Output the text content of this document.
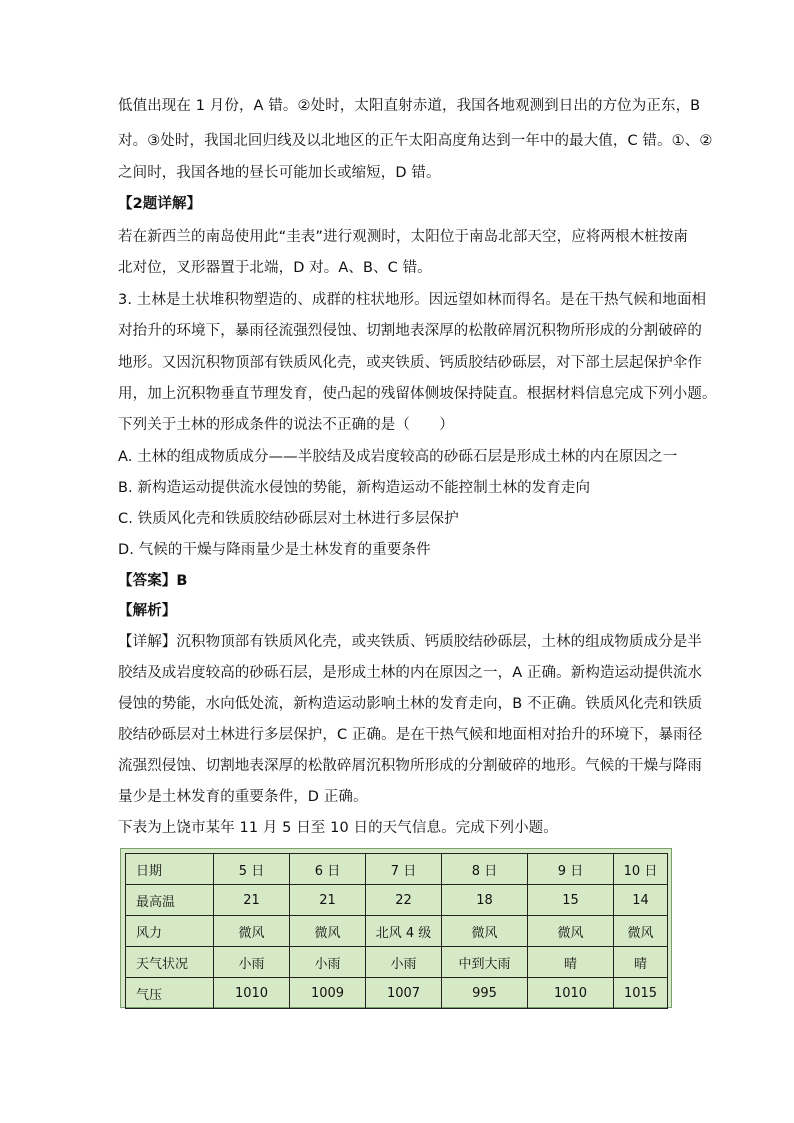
低值出现在 1 月份，A 错。②处时，太阳直射赤道，我国各地观测到日出的方位为正东，B
对。③处时，我国北回归线及以北地区的正午太阳高度角达到一年中的最大值，C 错。①、②
之间时，我国各地的昼长可能加长或缩短，D 错。
【2题详解】
若在新西兰的南岛使用此“圭表”进行观测时，太阳位于南岛北部天空，应将两根木桩按南
北对位，叉形器置于北端，D 对。A、B、C 错。
3. 土林是土状堆积物塑造的、成群的柱状地形。因远望如林而得名。是在干热气候和地面相
对抬升的环境下，暴雨径流强烈侵蚀、切割地表深厚的松散碎屑沉积物所形成的分割破碎的
地形。又因沉积物顶部有铁质风化壳，或夹铁质、钙质胶结砂砾层，对下部土层起保护伞作
用，加上沉积物垂直节理发育，使凸起的残留体侧坡保持陡直。根据材料信息完成下列小题。
下列关于土林的形成条件的说法不正确的是（　　）
A. 土林的组成物质成分——半胶结及成岩度较高的砂砾石层是形成土林的内在原因之一
B. 新构造运动提供流水侵蚀的势能，新构造运动不能控制土林的发育走向
C. 铁质风化壳和铁质胶结砂砾层对土林进行多层保护
D. 气候的干燥与降雨量少是土林发育的重要条件
【答案】B
【解析】
【详解】沉积物顶部有铁质风化壳，或夹铁质、钙质胶结砂砾层，土林的组成物质成分是半
胶结及成岩度较高的砂砾石层，是形成土林的内在原因之一，A 正确。新构造运动提供流水
侵蚀的势能，水向低处流，新构造运动影响土林的发育走向，B 不正确。铁质风化壳和铁质
胶结砂砾层对土林进行多层保护，C 正确。是在干热气候和地面相对抬升的环境下，暴雨径
流强烈侵蚀、切割地表深厚的松散碎屑沉积物所形成的分割破碎的地形。气候的干燥与降雨
量少是土林发育的重要条件，D 正确。
下表为上饶市某年 11 月 5 日至 10 日的天气信息。完成下列小题。
日期	5 日	6 日	7 日	8 日	9 日	10 日
最高温	21	21	22	18	15	14
风力	微风	微风	北风 4 级	微风	微风	微风
天气状况	小雨	小雨	小雨	中到大雨	晴	晴
气压	1010	1009	1007	995	1010	1015
